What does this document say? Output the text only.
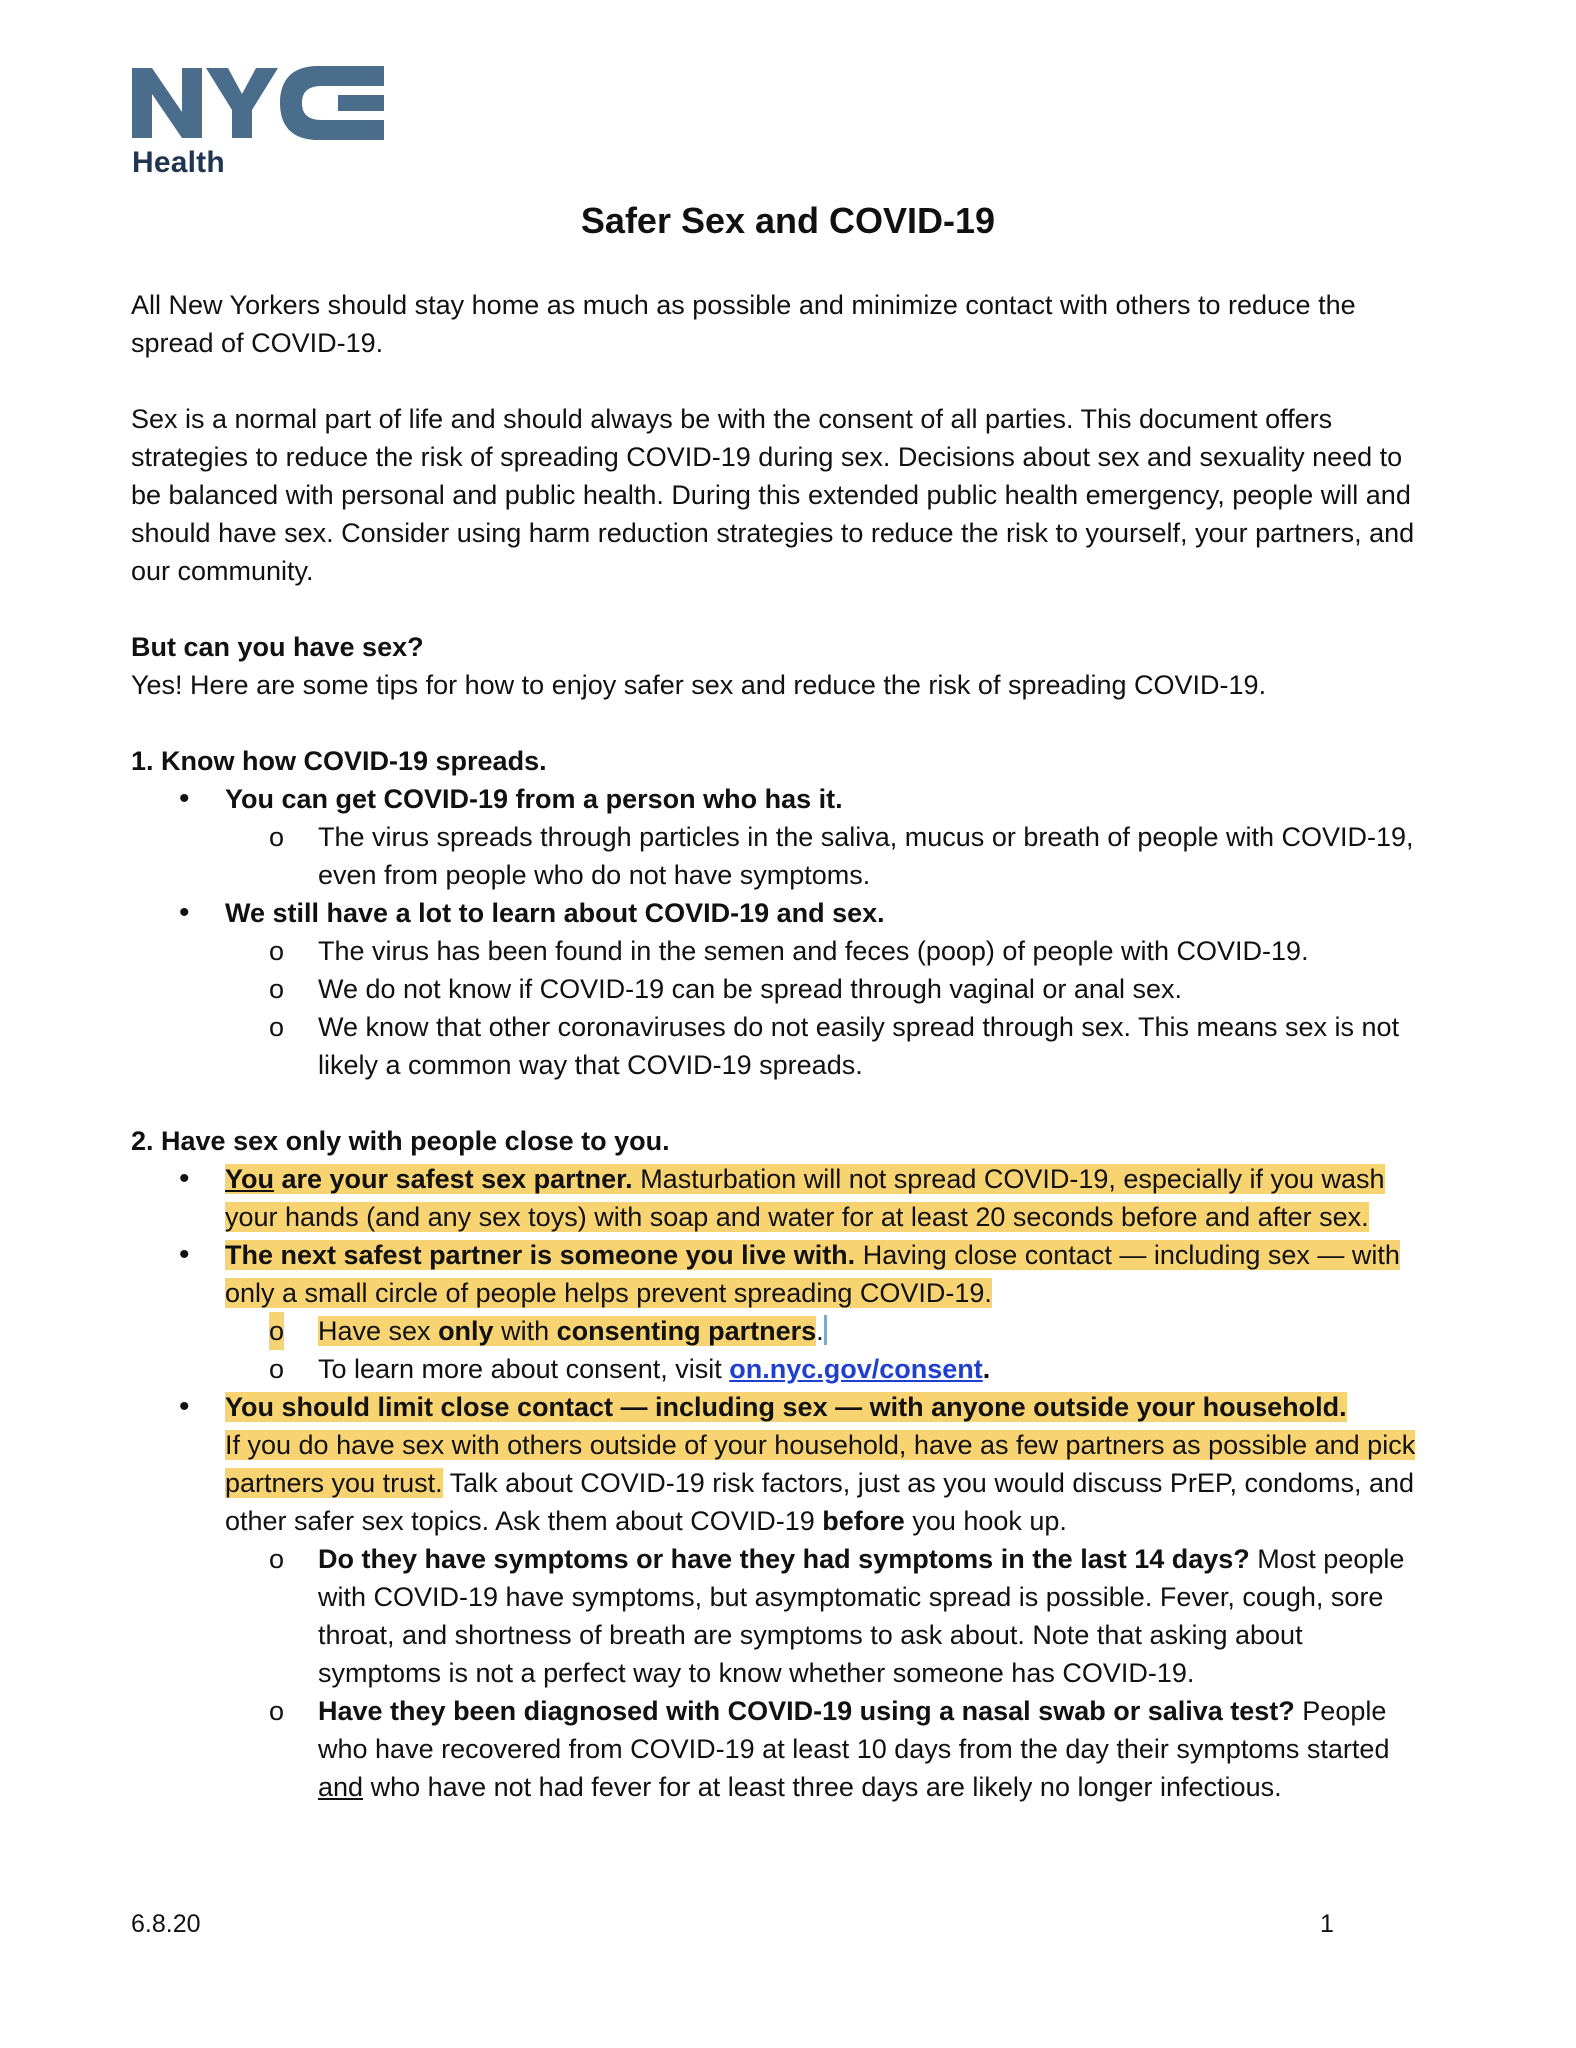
Health
Safer Sex and COVID-19

All New Yorkers should stay home as much as possible and minimize contact with others to reduce the spread of COVID-19.

Sex is a normal part of life and should always be with the consent of all parties. This document offers strategies to reduce the risk of spreading COVID-19 during sex. Decisions about sex and sexuality need to be balanced with personal and public health. During this extended public health emergency, people will and should have sex. Consider using harm reduction strategies to reduce the risk to yourself, your partners, and our community.

But can you have sex?

Yes! Here are some tips for how to enjoy safer sex and reduce the risk of spreading COVID-19.

1. Know how COVID-19 spreads.

• You can get COVID-19 from a person who has it.
o The virus spreads through particles in the saliva, mucus or breath of people with COVID-19, even from people who do not have symptoms.
• We still have a lot to learn about COVID-19 and sex.
o The virus has been found in the semen and feces (poop) of people with COVID-19.
o We do not know if COVID-19 can be spread through vaginal or anal sex.
o We know that other coronaviruses do not easily spread through sex. This means sex is not likely a common way that COVID-19 spreads.

2. Have sex only with people close to you.

• You are your safest sex partner. Masturbation will not spread COVID-19, especially if you wash your hands (and any sex toys) with soap and water for at least 20 seconds before and after sex.
• The next safest partner is someone you live with. Having close contact — including sex — with only a small circle of people helps prevent spreading COVID-19.
o Have sex only with consenting partners.
o To learn more about consent, visit on.nyc.gov/consent.
• You should limit close contact — including sex — with anyone outside your household.
If you do have sex with others outside of your household, have as few partners as possible and pick partners you trust. Talk about COVID-19 risk factors, just as you would discuss PrEP, condoms, and other safer sex topics. Ask them about COVID-19 before you hook up.
o Do they have symptoms or have they had symptoms in the last 14 days? Most people with COVID-19 have symptoms, but asymptomatic spread is possible. Fever, cough, sore throat, and shortness of breath are symptoms to ask about. Note that asking about symptoms is not a perfect way to know whether someone has COVID-19.
o Have they been diagnosed with COVID-19 using a nasal swab or saliva test? People who have recovered from COVID-19 at least 10 days from the day their symptoms started and who have not had fever for at least three days are likely no longer infectious.
6.8.20	1
